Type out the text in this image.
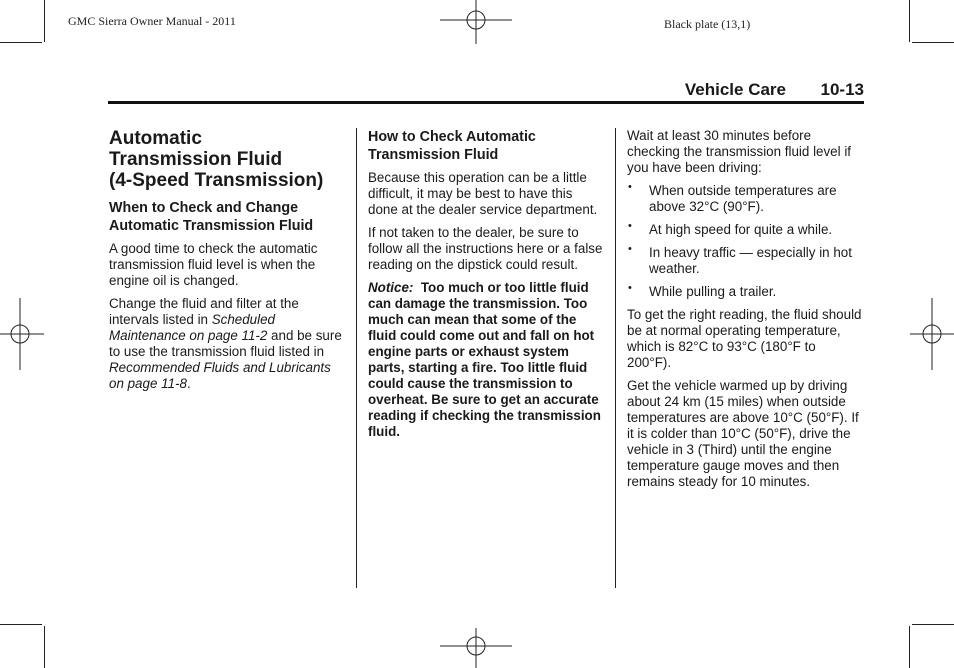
GMC Sierra Owner Manual - 2011	Black plate (13,1)
Vehicle Care 10-13
Automatic
Transmission Fluid
(4-Speed Transmission)
When to Check and Change Automatic Transmission Fluid

A good time to check the automatic transmission fluid level is when the engine oil is changed.

Change the fluid and filter at the intervals listed in Scheduled Maintenance on page 11-2 and be sure to use the transmission fluid listed in Recommended Fluids and Lubricants on page 11-8.

How to Check Automatic Transmission Fluid

Because this operation can be a little difficult, it may be best to have this done at the dealer service department.

If not taken to the dealer, be sure to follow all the instructions here or a false reading on the dipstick could result.

Notice:  Too much or too little fluid can damage the transmission. Too much can mean that some of the fluid could come out and fall on hot engine parts or exhaust system parts, starting a fire. Too little fluid could cause the transmission to overheat. Be sure to get an accurate reading if checking the transmission fluid.

Wait at least 30 minutes before checking the transmission fluid level if you have been driving:

• When outside temperatures are above 32°C (90°F).
• At high speed for quite a while.
• In heavy traffic — especially in hot weather.
• While pulling a trailer.

To get the right reading, the fluid should be at normal operating temperature, which is 82°C to 93°C (180°F to 200°F).

Get the vehicle warmed up by driving about 24 km (15 miles) when outside temperatures are above 10°C (50°F). If it is colder than 10°C (50°F), drive the vehicle in 3 (Third) until the engine temperature gauge moves and then remains steady for 10 minutes.
